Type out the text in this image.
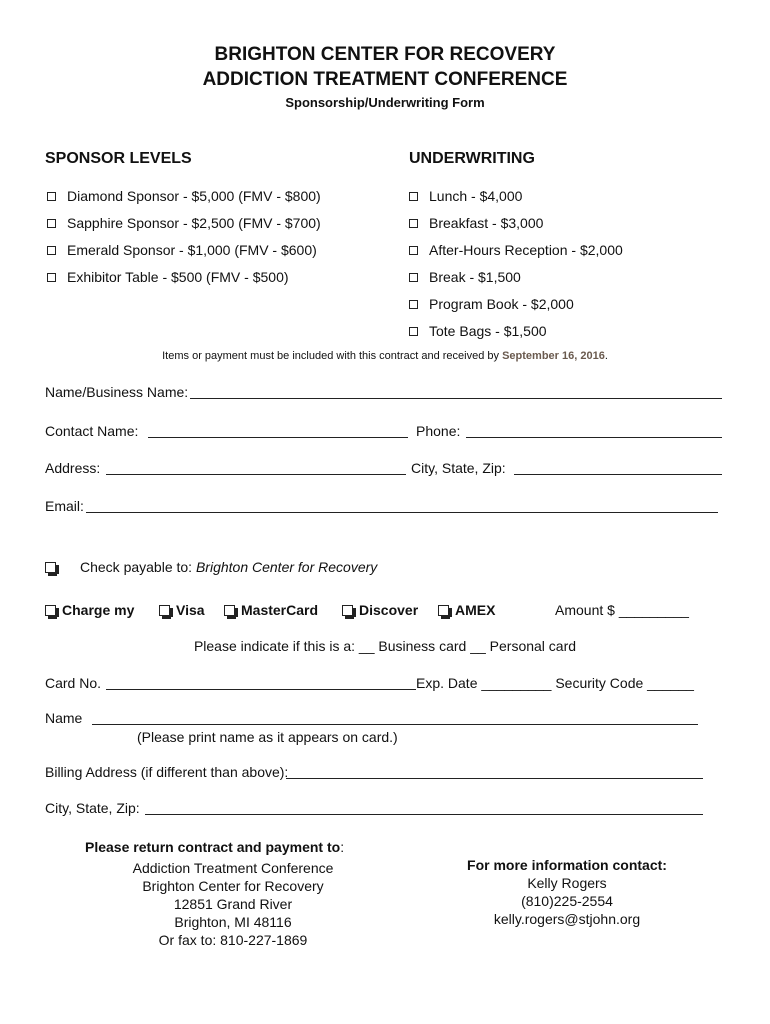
BRIGHTON CENTER FOR RECOVERY
ADDICTION TREATMENT CONFERENCE
Sponsorship/Underwriting Form
SPONSOR LEVELS	UNDERWRITING
Diamond Sponsor - $5,000 (FMV - $800)
Sapphire Sponsor - $2,500 (FMV - $700)
Emerald Sponsor - $1,000 (FMV - $600)
Exhibitor Table - $500 (FMV - $500)
Lunch - $4,000
Breakfast - $3,000
After-Hours Reception - $2,000
Break - $1,500
Program Book - $2,000
Tote Bags - $1,500
Items or payment must be included with this contract and received by September 16, 2016.
Name/Business Name:
Contact Name:	Phone:
Address:	City, State, Zip:
Email:
Check payable to:
Brighton Center for Recovery
Charge my	Visa	MasterCard	Discover	AMEX	Amount $ _________
Please indicate if this is a: __ Business card __ Personal card
Card No.	Exp. Date _________ Security Code ______
Name
(Please print name as it appears on card.)
Billing Address (if different than above):
City, State, Zip:
Please return contract and payment to:
Addiction Treatment Conference
Brighton Center for Recovery
12851 Grand River
Brighton, MI 48116
Or fax to: 810-227-1869
For more information contact:
Kelly Rogers
(810)225-2554
kelly.rogers@stjohn.org
